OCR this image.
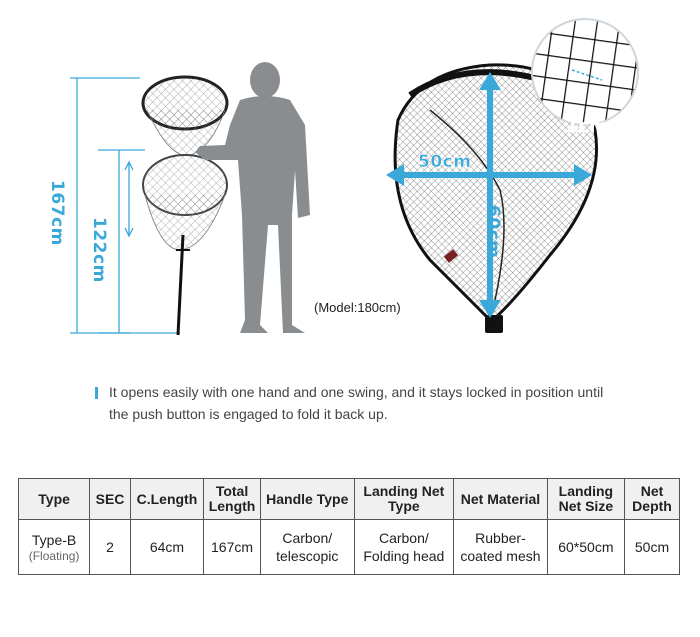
167cm
122cm
(Model:180cm)
50cm
60cm
1cm
It opens easily with one hand and one swing, and it stays locked in position until the push button is engaged to fold it back up.
Type	SEC	C.Length	Total Length	Handle Type	Landing Net Type	Net Material	Landing Net Size	Net Depth
Type-B
(Floating)	2	64cm	167cm	Carbon/ telescopic	Carbon/ Folding head	Rubber-coated mesh	60*50cm	50cm
